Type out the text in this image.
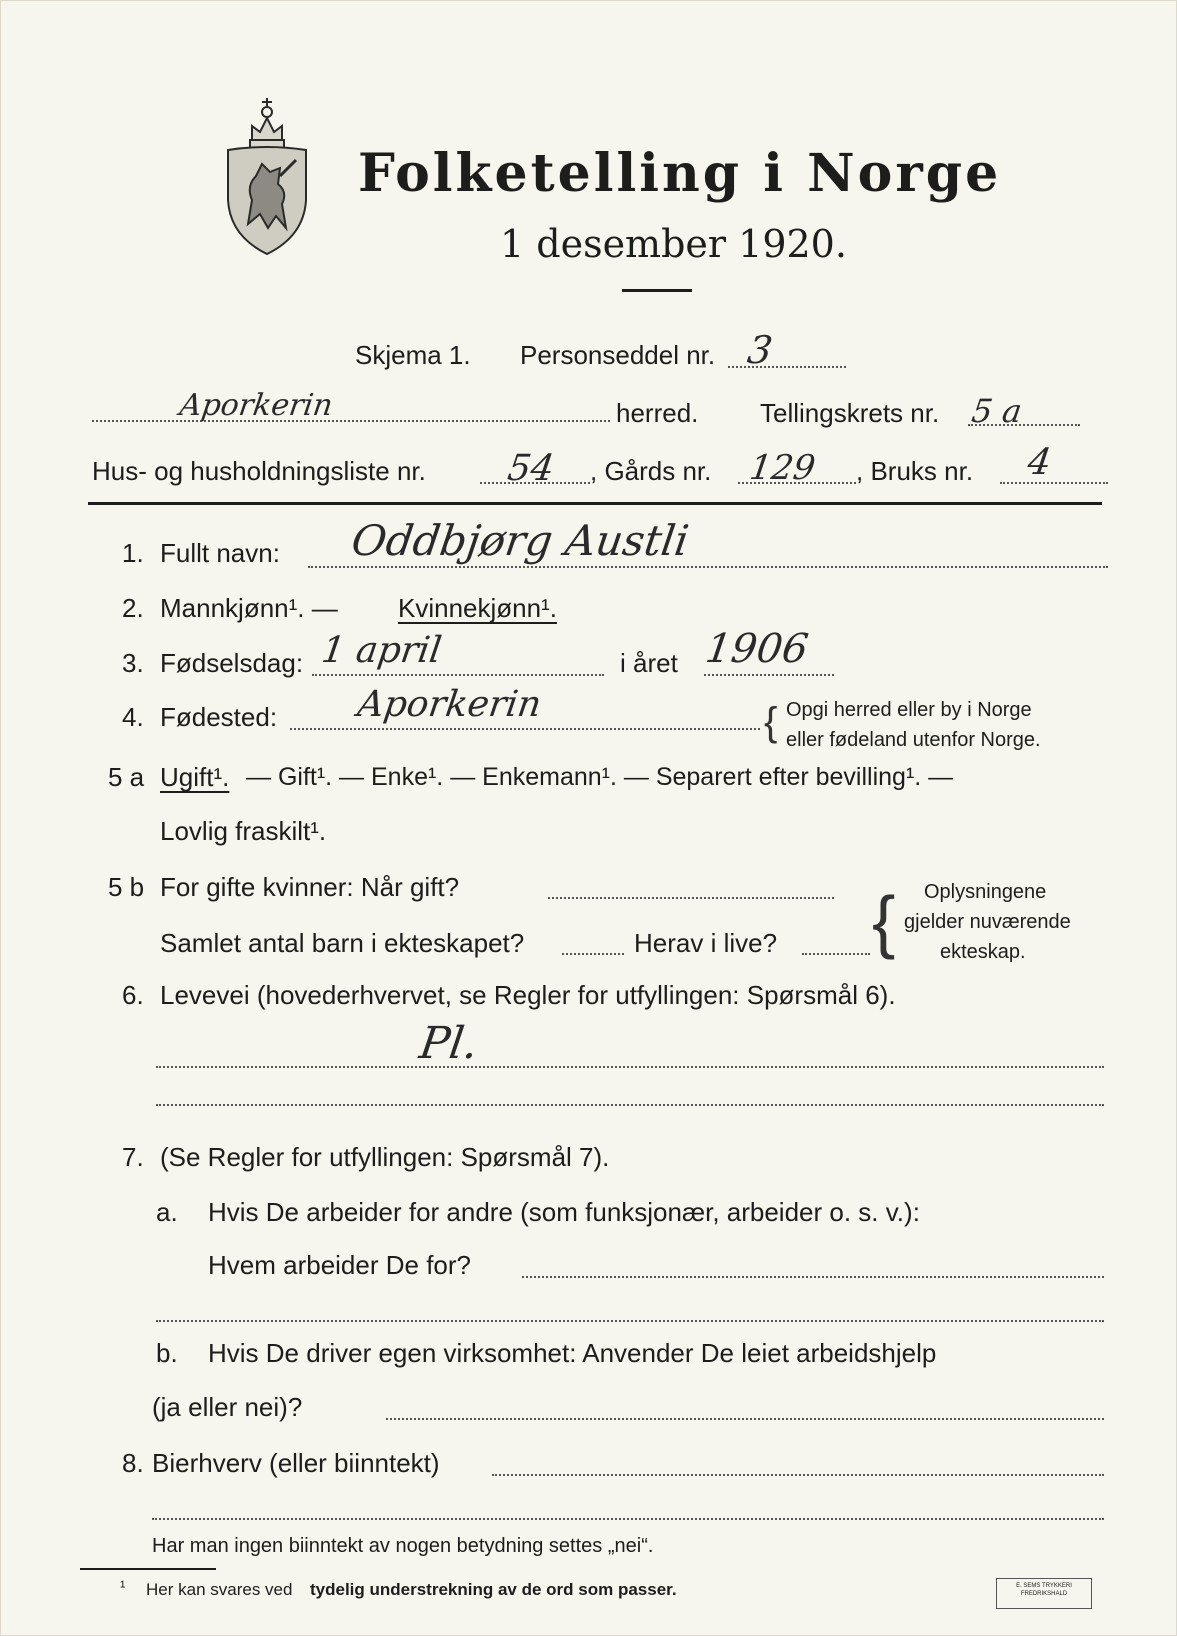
Folketelling i Norge
1 desember 1920.
Skjema 1. Personseddel nr. 3
Aporkerin	herred. Tellingskrets nr. 5 a
Hus- og husholdningsliste nr. 54 , Gårds nr. 129 , Bruks nr. 4
1. Fullt navn: Oddbjørg Austli
2. Mannkjønn¹. — Kvinnekjønn¹.
3. Fødselsdag: 1 april	i året 1906
4. Fødested: Aporkerin	{ Opgi herred eller by i Norge
eller fødeland utenfor Norge.
5 a Ugift¹. — Gift¹. — Enke¹. — Enkemann¹. — Separert efter bevilling¹. —
Lovlig fraskilt¹.
5 b For gifte kvinner: Når gift?
Samlet antal barn i ekteskapet?	Herav i live? { Oplysningene
gjelder nuværende
ekteskap.
6. Levevei (hovederhvervet, se Regler for utfyllingen: Spørsmål 6).
Pl.
7. (Se Regler for utfyllingen: Spørsmål 7).
a. Hvis De arbeider for andre (som funksjonær, arbeider o. s. v.):
Hvem arbeider De for?
b. Hvis De driver egen virksomhet: Anvender De leiet arbeidshjelp
(ja eller nei)?
8. Bierhverv (eller biinntekt)
Har man ingen biinntekt av nogen betydning settes „nei“.
¹ Her kan svares ved tydelig understrekning av de ord som passer.	E. SEMS TRYKKERI
FREDRIKSHALD
